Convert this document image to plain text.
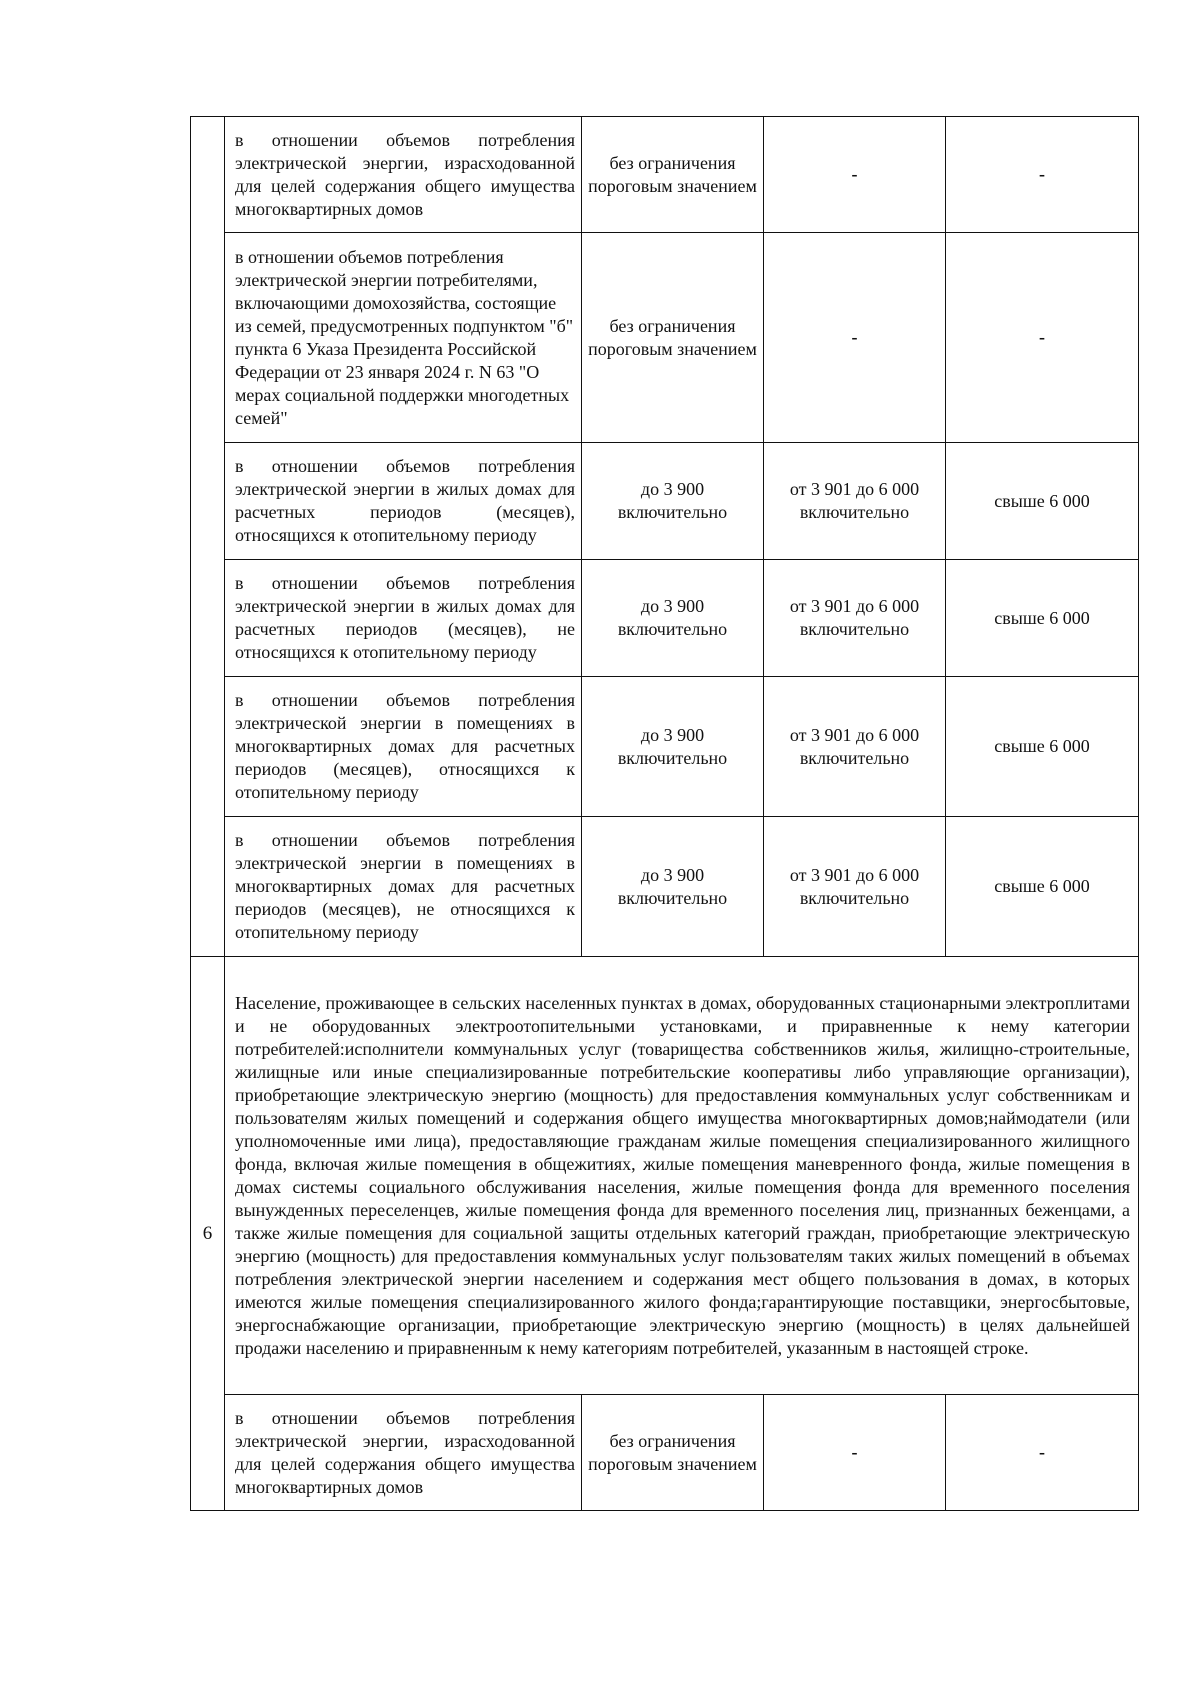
	в отношении объемов потребления электрической энергии, израсходованной для целей содержания общего имущества многоквартирных домов	без ограничения пороговым значением	-	-
	в отношении объемов потребления электрической энергии потребителями, включающими домохозяйства, состоящие из семей, предусмотренных подпунктом "б" пункта 6 Указа Президента Российской Федерации от 23 января 2024 г. N 63 "О мерах социальной поддержки многодетных семей"	без ограничения пороговым значением	-	-
	в отношении объемов потребления электрической энергии в жилых домах для расчетных периодов (месяцев), относящихся к отопительному периоду	до 3 900 включительно	от 3 901 до 6 000 включительно	свыше 6 000
	в отношении объемов потребления электрической энергии в жилых домах для расчетных периодов (месяцев), не относящихся к отопительному периоду	до 3 900 включительно	от 3 901 до 6 000 включительно	свыше 6 000
	в отношении объемов потребления электрической энергии в помещениях в многоквартирных домах для расчетных периодов (месяцев), относящихся к отопительному периоду	до 3 900 включительно	от 3 901 до 6 000 включительно	свыше 6 000
	в отношении объемов потребления электрической энергии в помещениях в многоквартирных домах для расчетных периодов (месяцев), не относящихся к отопительному периоду	до 3 900 включительно	от 3 901 до 6 000 включительно	свыше 6 000
6	Население, проживающее в сельских населенных пунктах в домах, оборудованных стационарными электроплитами и не оборудованных электроотопительными установками, и приравненные к нему категории потребителей:исполнители коммунальных услуг (товарищества собственников жилья, жилищно-строительные, жилищные или иные специализированные потребительские кооперативы либо управляющие организации), приобретающие электрическую энергию (мощность) для предоставления коммунальных услуг собственникам и пользователям жилых помещений и содержания общего имущества многоквартирных домов;наймодатели (или уполномоченные ими лица), предоставляющие гражданам жилые помещения специализированного жилищного фонда, включая жилые помещения в общежитиях, жилые помещения маневренного фонда, жилые помещения в домах системы социального обслуживания населения, жилые помещения фонда для временного поселения вынужденных переселенцев, жилые помещения фонда для временного поселения лиц, признанных беженцами, а также жилые помещения для социальной защиты отдельных категорий граждан, приобретающие электрическую энергию (мощность) для предоставления коммунальных услуг пользователям таких жилых помещений в объемах потребления электрической энергии населением и содержания мест общего пользования в домах, в которых имеются жилые помещения специализированного жилого фонда;гарантирующие поставщики, энергосбытовые, энергоснабжающие организации, приобретающие электрическую энергию (мощность) в целях дальнейшей продажи населению и приравненным к нему категориям потребителей, указанным в настоящей строке.			
	в отношении объемов потребления электрической энергии, израсходованной для целей содержания общего имущества многоквартирных домов	без ограничения пороговым значением	-	-
